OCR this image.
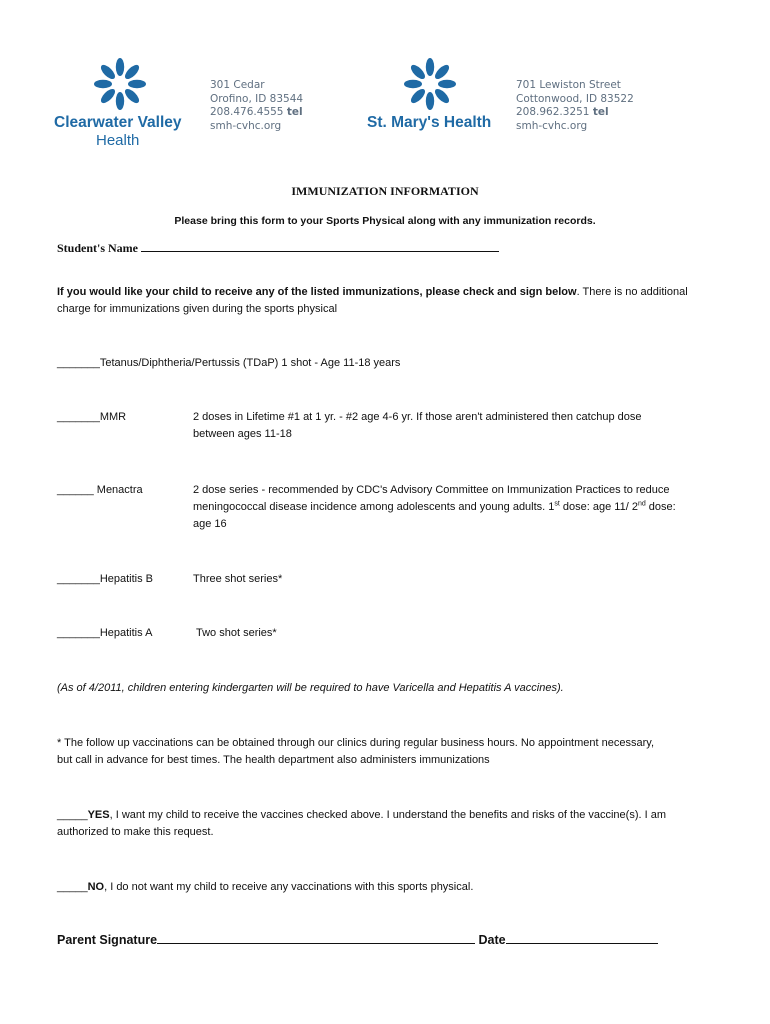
Clearwater Valley
Health
301 Cedar
Orofino, ID 83544
208.476.4555 tel
smh-cvhc.org	St. Mary's Health
701 Lewiston Street
Cottonwood, ID 83522
208.962.3251 tel
smh-cvhc.org
IMMUNIZATION INFORMATION
Please bring this form to your Sports Physical along with any immunization records.
Student's Name
If you would like your child to receive any of the listed immunizations, please check and sign below. There is no additional
charge for immunizations given during the sports physical
_______Tetanus/Diphtheria/Pertussis (TDaP) 1 shot - Age 11-18 years
_______MMR	2 doses in Lifetime #1 at 1 yr. - #2 age 4-6 yr. If those aren't administered then catchup dose
between ages 11-18
______ Menactra	2 dose series - recommended by CDC's Advisory Committee on Immunization Practices to reduce
meningococcal disease incidence among adolescents and young adults. 1st dose: age 11/ 2nd dose:
age 16
_______Hepatitis B	Three shot series*
_______Hepatitis A	Two shot series*
(As of 4/2011, children entering kindergarten will be required to have Varicella and Hepatitis A vaccines).
* The follow up vaccinations can be obtained through our clinics during regular business hours. No appointment necessary,
but call in advance for best times. The health department also administers immunizations
_____YES, I want my child to receive the vaccines checked above. I understand the benefits and risks of the vaccine(s). I am
authorized to make this request.
_____NO, I do not want my child to receive any vaccinations with this sports physical.
Parent Signature	Date
